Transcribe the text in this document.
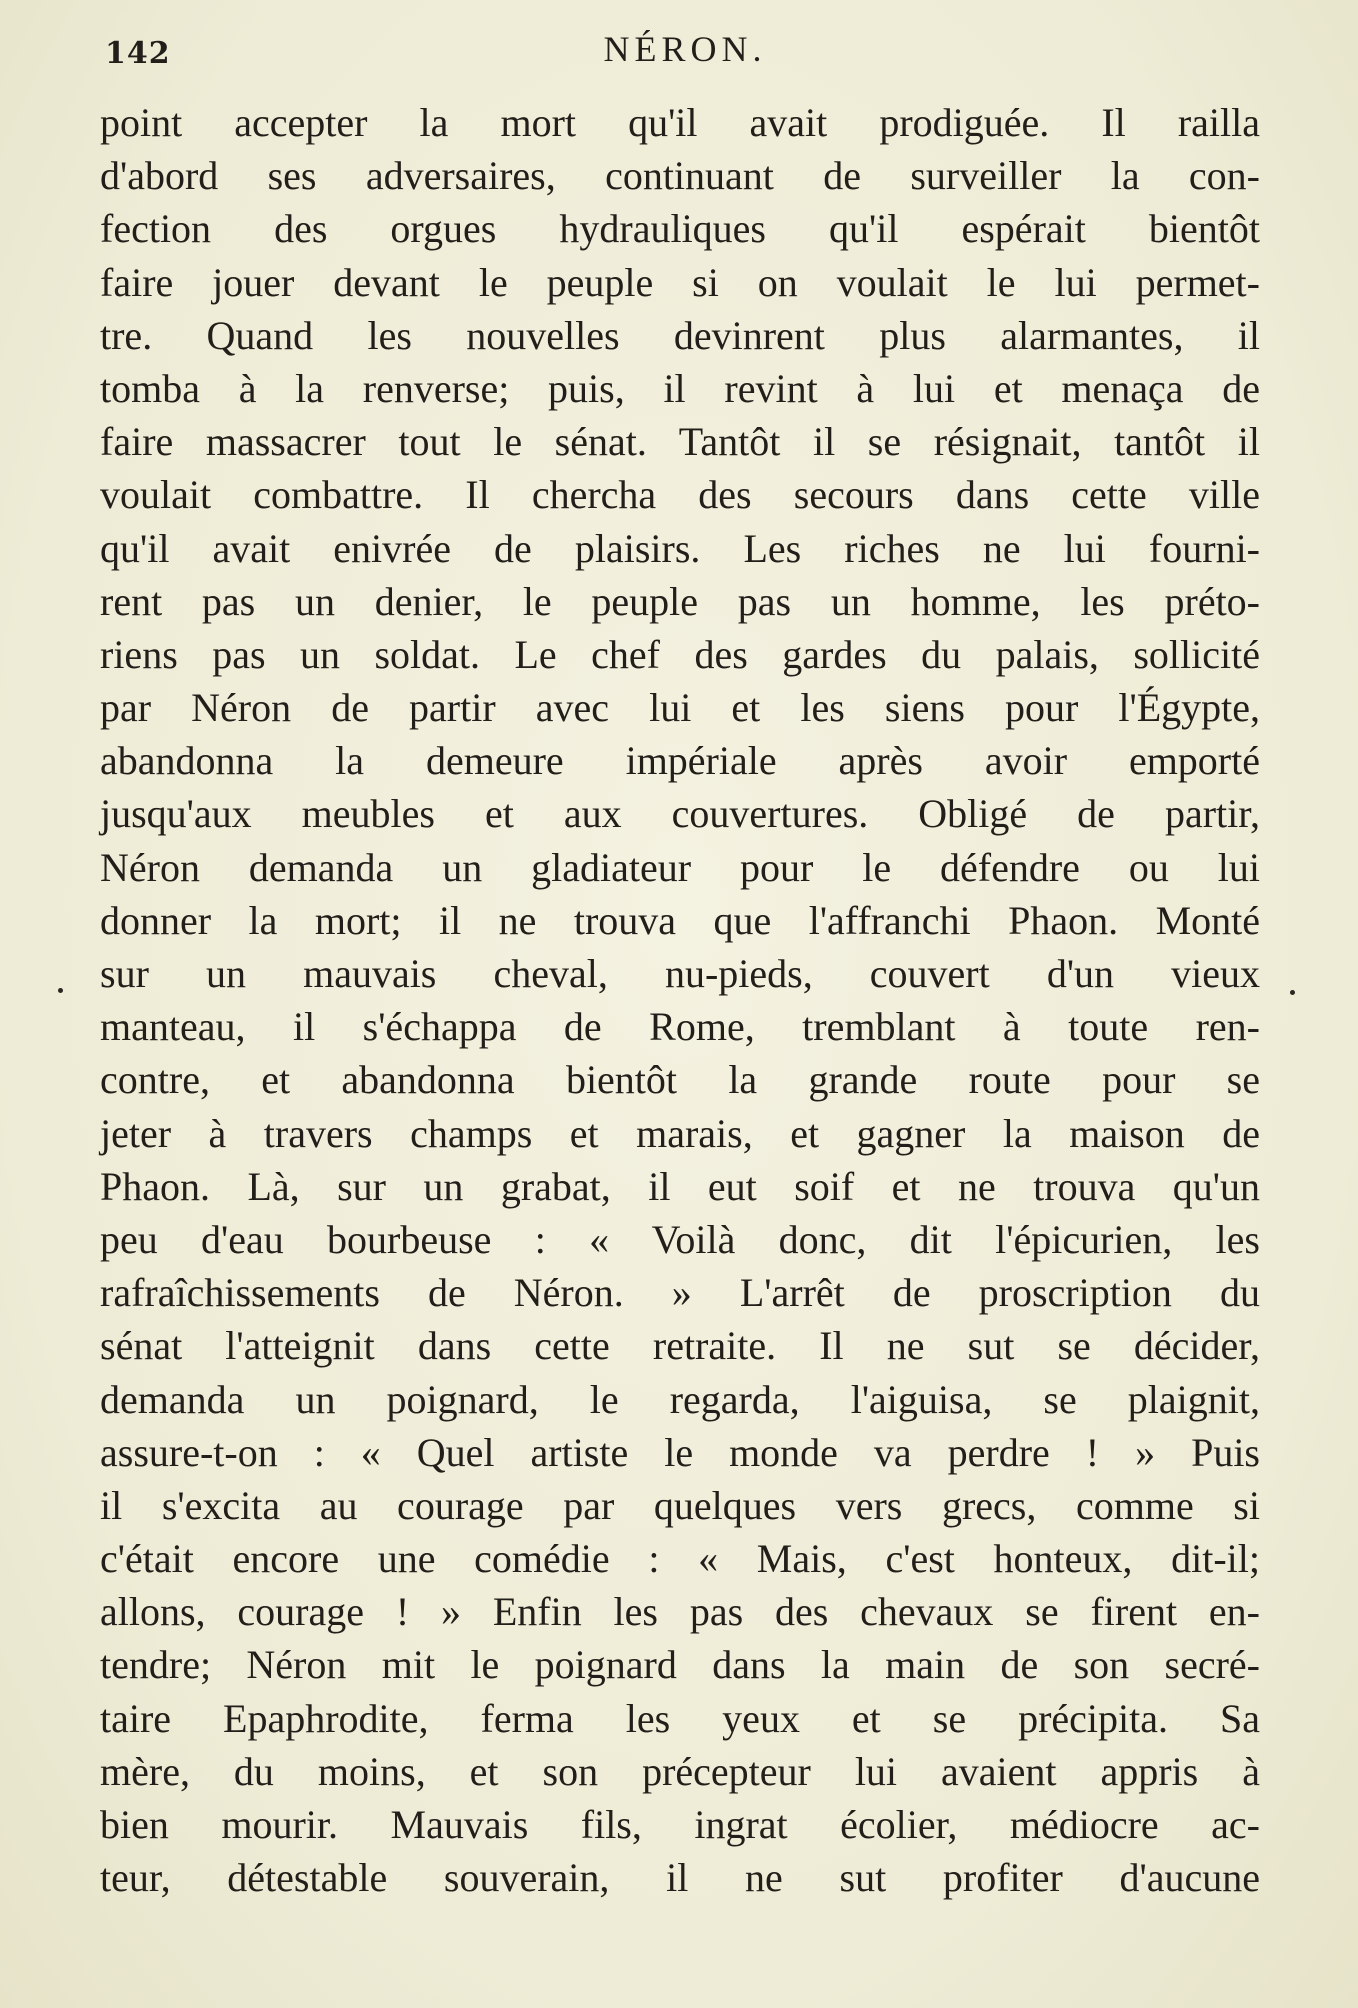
142	NÉRON.
point accepter la mort qu'il avait prodiguée. Il railla
d'abord ses adversaires, continuant de surveiller la con-
fection des orgues hydrauliques qu'il espérait bientôt
faire jouer devant le peuple si on voulait le lui permet-
tre. Quand les nouvelles devinrent plus alarmantes, il
tomba à la renverse; puis, il revint à lui et menaça de
faire massacrer tout le sénat. Tantôt il se résignait, tantôt il
voulait combattre. Il chercha des secours dans cette ville
qu'il avait enivrée de plaisirs. Les riches ne lui fourni-
rent pas un denier, le peuple pas un homme, les préto-
riens pas un soldat. Le chef des gardes du palais, sollicité
par Néron de partir avec lui et les siens pour l'Égypte,
abandonna la demeure impériale après avoir emporté
jusqu'aux meubles et aux couvertures. Obligé de partir,
Néron demanda un gladiateur pour le défendre ou lui
donner la mort; il ne trouva que l'affranchi Phaon. Monté
sur un mauvais cheval, nu-pieds, couvert d'un vieux
manteau, il s'échappa de Rome, tremblant à toute ren-
contre, et abandonna bientôt la grande route pour se
jeter à travers champs et marais, et gagner la maison de
Phaon. Là, sur un grabat, il eut soif et ne trouva qu'un
peu d'eau bourbeuse : « Voilà donc, dit l'épicurien, les
rafraîchissements de Néron. » L'arrêt de proscription du
sénat l'atteignit dans cette retraite. Il ne sut se décider,
demanda un poignard, le regarda, l'aiguisa, se plaignit,
assure-t-on : « Quel artiste le monde va perdre ! » Puis
il s'excita au courage par quelques vers grecs, comme si
c'était encore une comédie : « Mais, c'est honteux, dit-il;
allons, courage ! » Enfin les pas des chevaux se firent en-
tendre; Néron mit le poignard dans la main de son secré-
taire Epaphrodite, ferma les yeux et se précipita. Sa
mère, du moins, et son précepteur lui avaient appris à
bien mourir. Mauvais fils, ingrat écolier, médiocre ac-
teur, détestable souverain, il ne sut profiter d'aucune
